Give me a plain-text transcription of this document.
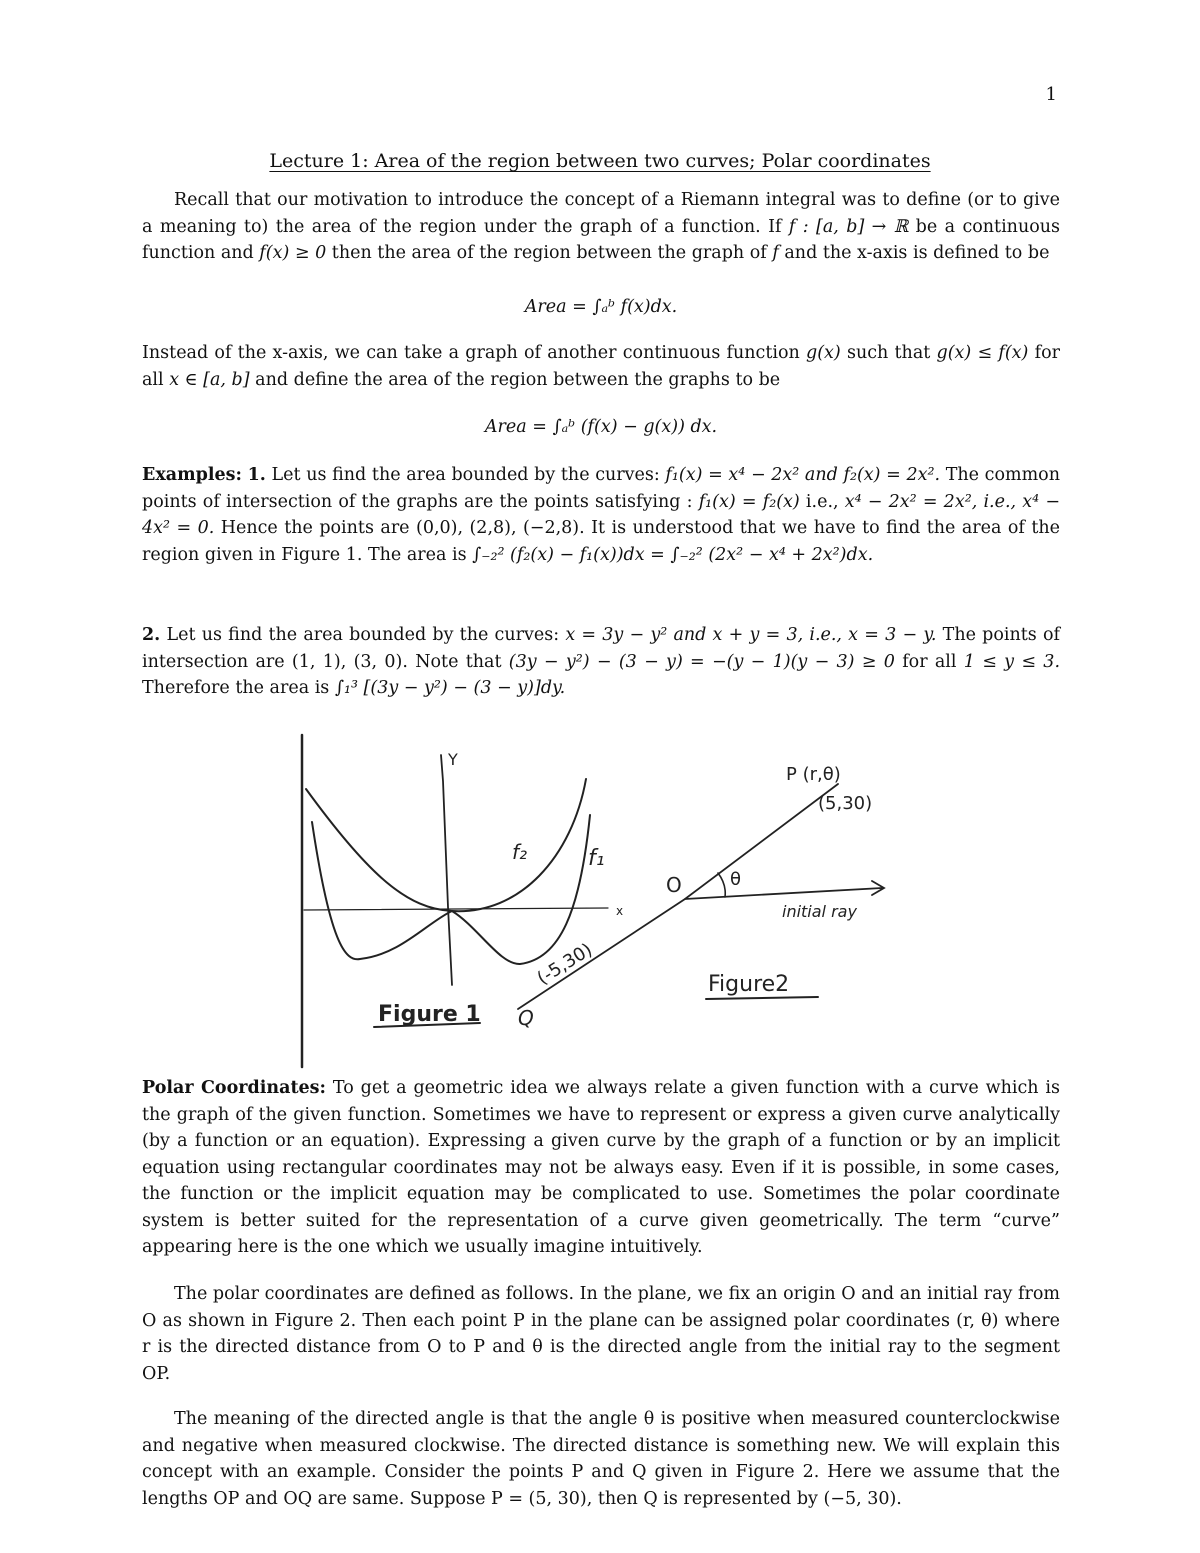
1
Lecture 1: Area of the region between two curves; Polar coordinates
Recall that our motivation to introduce the concept of a Riemann integral was to define (or to give a meaning to) the area of the region under the graph of a function. If f : [a, b] → ℝ be a continuous function and f(x) ≥ 0 then the area of the region between the graph of f and the x-axis is defined to be
Area = ∫ₐᵇ f(x)dx.
Instead of the x-axis, we can take a graph of another continuous function g(x) such that g(x) ≤ f(x) for all x ∈ [a, b] and define the area of the region between the graphs to be
Area = ∫ₐᵇ (f(x) − g(x)) dx.
Examples: 1. Let us find the area bounded by the curves: f₁(x) = x⁴ − 2x² and f₂(x) = 2x². The common points of intersection of the graphs are the points satisfying : f₁(x) = f₂(x) i.e., x⁴ − 2x² = 2x², i.e., x⁴ − 4x² = 0. Hence the points are (0,0), (2,8), (−2,8). It is understood that we have to find the area of the region given in Figure 1. The area is ∫₋₂² (f₂(x) − f₁(x))dx = ∫₋₂² (2x² − x⁴ + 2x²)dx.
2. Let us find the area bounded by the curves: x = 3y − y² and x + y = 3, i.e., x = 3 − y. The points of intersection are (1, 1), (3, 0). Note that (3y − y²) − (3 − y) = −(y − 1)(y − 3) ≥ 0 for all 1 ≤ y ≤ 3. Therefore the area is ∫₁³ [(3y − y²) − (3 − y)]dy.
Y
x
f₂	f₁
Figure 1
O	θ
P (r,θ)
(5,30)
(-5,30)
Q
initial ray
Figure2
Polar Coordinates: To get a geometric idea we always relate a given function with a curve which is the graph of the given function. Sometimes we have to represent or express a given curve analytically (by a function or an equation). Expressing a given curve by the graph of a function or by an implicit equation using rectangular coordinates may not be always easy. Even if it is possible, in some cases, the function or the implicit equation may be complicated to use. Sometimes the polar coordinate system is better suited for the representation of a curve given geometrically. The term “curve” appearing here is the one which we usually imagine intuitively.
The polar coordinates are defined as follows. In the plane, we fix an origin O and an initial ray from O as shown in Figure 2. Then each point P in the plane can be assigned polar coordinates (r, θ) where r is the directed distance from O to P and θ is the directed angle from the initial ray to the segment OP.
The meaning of the directed angle is that the angle θ is positive when measured counterclockwise and negative when measured clockwise. The directed distance is something new. We will explain this concept with an example. Consider the points P and Q given in Figure 2. Here we assume that the lengths OP and OQ are same. Suppose P = (5, 30), then Q is represented by (−5, 30).
